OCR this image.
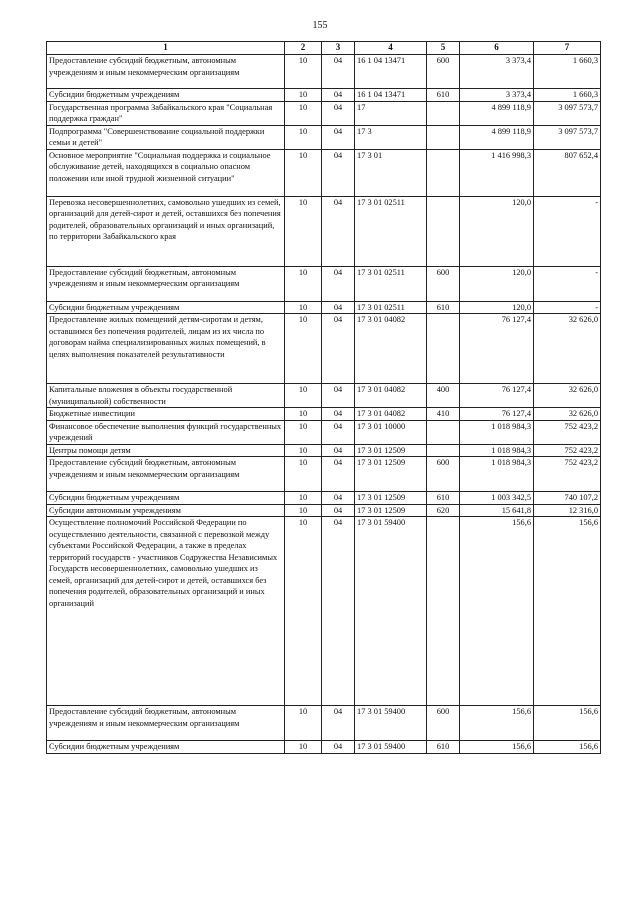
155
1	2	3	4	5	6	7
Предоставление субсидий бюджетным, автономным учреждениям и иным некоммерческим организациям	10	04	16 1 04 13471	600	3 373,4	1 660,3
Субсидии бюджетным учреждениям	10	04	16 1 04 13471	610	3 373,4	1 660,3
Государственная программа Забайкальского края "Социальная поддержка граждан"	10	04	17		4 899 118,9	3 097 573,7
Подпрограмма "Совершенствование социальной поддержки семьи и детей"	10	04	17 3		4 899 118,9	3 097 573,7
Основное мероприятие "Социальная поддержка и социальное обслуживание детей, находящихся в социально опасном положении или иной трудной жизненной ситуации"	10	04	17 3 01		1 416 998,3	807 652,4
Перевозка несовершеннолетних, самовольно ушедших из семей, организаций для детей-сирот и детей, оставшихся без попечения родителей, образовательных организаций и иных организаций, по территории Забайкальского края	10	04	17 3 01 02511		120,0	-
Предоставление субсидий бюджетным, автономным учреждениям и иным некоммерческим организациям	10	04	17 3 01 02511	600	120,0	-
Субсидии бюджетным учреждениям	10	04	17 3 01 02511	610	120,0	-
Предоставление жилых помещений детям-сиротам и детям, оставшимся без попечения родителей, лицам из их числа по договорам найма специализированных жилых помещений, в целях выполнения показателей результативности	10	04	17 3 01 04082		76 127,4	32 626,0
Капитальные вложения в объекты государственной (муниципальной) собственности	10	04	17 3 01 04082	400	76 127,4	32 626,0
Бюджетные инвестиции	10	04	17 3 01 04082	410	76 127,4	32 626,0
Финансовое обеспечение выполнения функций государственных учреждений	10	04	17 3 01 10000		1 018 984,3	752 423,2
Центры помощи детям	10	04	17 3 01 12509		1 018 984,3	752 423,2
Предоставление субсидий бюджетным, автономным учреждениям и иным некоммерческим организациям	10	04	17 3 01 12509	600	1 018 984,3	752 423,2
Субсидии бюджетным учреждениям	10	04	17 3 01 12509	610	1 003 342,5	740 107,2
Субсидии автономным учреждениям	10	04	17 3 01 12509	620	15 641,8	12 316,0
Осуществление полномочий Российской Федерации по осуществлению деятельности, связанной с перевозкой между субъектами Российской Федерации, а также в пределах территорий государств - участников Содружества Независимых Государств несовершеннолетних, самовольно ушедших из семей, организаций для детей-сирот и детей, оставшихся без попечения родителей, образовательных организаций и иных организаций	10	04	17 3 01 59400		156,6	156,6
Предоставление субсидий бюджетным, автономным учреждениям и иным некоммерческим организациям	10	04	17 3 01 59400	600	156,6	156,6
Субсидии бюджетным учреждениям	10	04	17 3 01 59400	610	156,6	156,6
